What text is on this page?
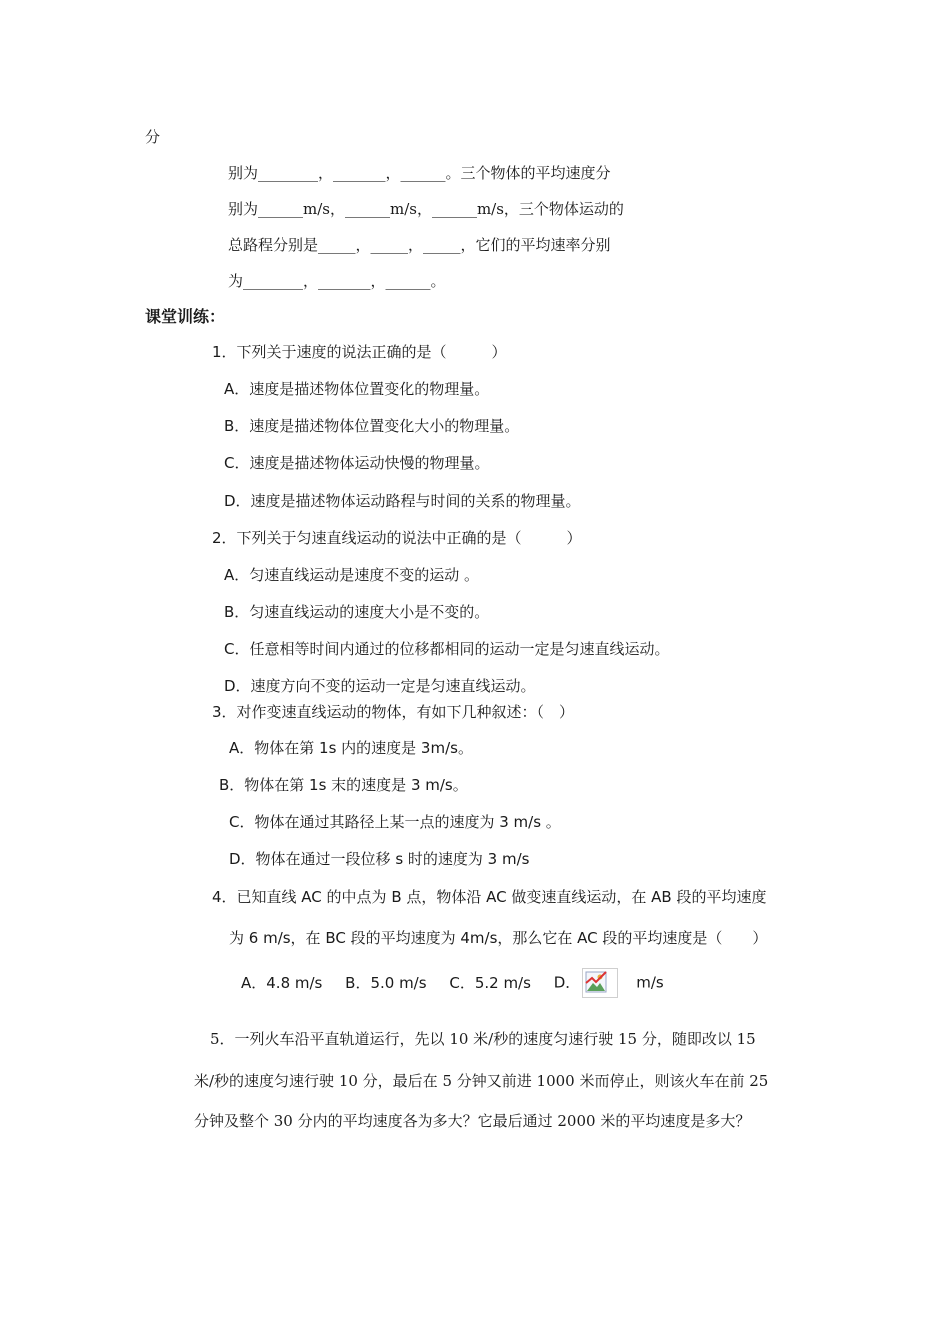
分
别为________，_______，______。三个物体的平均速度分
别为______m/s，______m/s，______m/s，三个物体运动的
总路程分别是_____，_____，_____，它们的平均速率分别
为________，_______，______。
课堂训练：
1．下列关于速度的说法正确的是（　　　）
A．速度是描述物体位置变化的物理量。
B．速度是描述物体位置变化大小的物理量。
C．速度是描述物体运动快慢的物理量。
D．速度是描述物体运动路程与时间的关系的物理量。
2．下列关于匀速直线运动的说法中正确的是（　　　）
A．匀速直线运动是速度不变的运动 。
B．匀速直线运动的速度大小是不变的。
C．任意相等时间内通过的位移都相同的运动一定是匀速直线运动。
D．速度方向不变的运动一定是匀速直线运动。
3．对作变速直线运动的物体，有如下几种叙述：（　）
A．物体在第 1s 内的速度是 3m/s。
B．物体在第 1s 末的速度是 3 m/s。
C．物体在通过其路径上某一点的速度为 3 m/s 。
D．物体在通过一段位移 s 时的速度为 3 m/s
4．已知直线 AC 的中点为 B 点，物体沿 AC 做变速直线运动，在 AB 段的平均速度
为 6 m/s，在 BC 段的平均速度为 4m/s，那么它在 AC 段的平均速度是（　　）
A．4.8 m/s B．5.0 m/s C．5.2 m/s D．	m/s
5．一列火车沿平直轨道运行，先以 10 米/秒的速度匀速行驶 15 分，随即改以 15
米/秒的速度匀速行驶 10 分，最后在 5 分钟又前进 1000 米而停止，则该火车在前 25
分钟及整个 30 分内的平均速度各为多大？它最后通过 2000 米的平均速度是多大？
